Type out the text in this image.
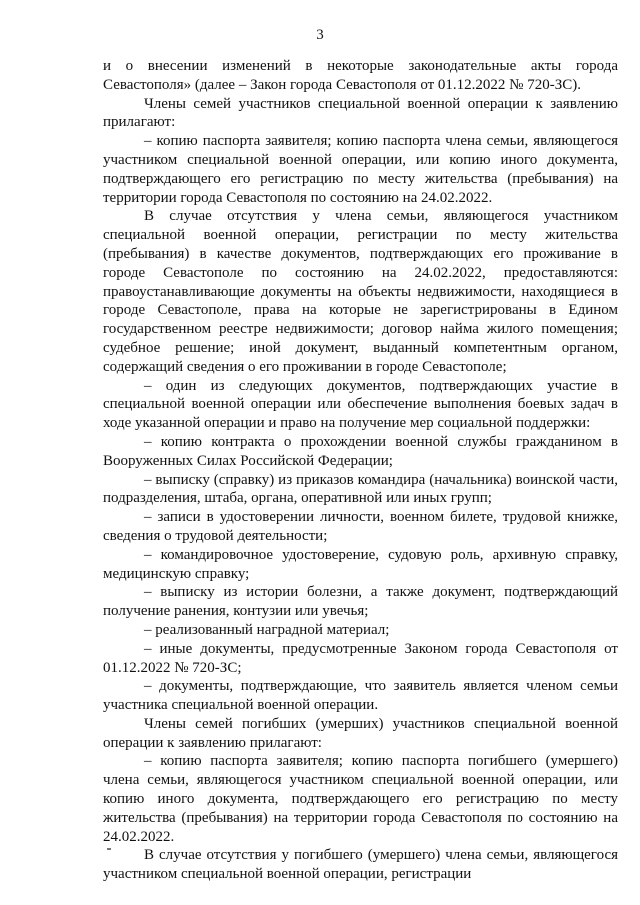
3

и о внесении изменений в некоторые законодательные акты города Севастополя» (далее – Закон города Севастополя от 01.12.2022 № 720-ЗС).

Члены семей участников специальной военной операции к заявлению прилагают:

– копию паспорта заявителя; копию паспорта члена семьи, являющегося участником специальной военной операции, или копию иного документа, подтверждающего его регистрацию по месту жительства (пребывания) на территории города Севастополя по состоянию на 24.02.2022.

В случае отсутствия у члена семьи, являющегося участником специальной военной операции, регистрации по месту жительства (пребывания) в качестве документов, подтверждающих его проживание в городе Севастополе по состоянию на 24.02.2022, предоставляются: правоустанавливающие документы на объекты недвижимости, находящиеся в городе Севастополе, права на которые не зарегистрированы в Едином государственном реестре недвижимости; договор найма жилого помещения; судебное решение; иной документ, выданный компетентным органом, содержащий сведения о его проживании в городе Севастополе;

– один из следующих документов, подтверждающих участие в специальной военной операции или обеспечение выполнения боевых задач в ходе указанной операции и право на получение мер социальной поддержки:

– копию контракта о прохождении военной службы гражданином в Вооруженных Силах Российской Федерации;

– выписку (справку) из приказов командира (начальника) воинской части, подразделения, штаба, органа, оперативной или иных групп;

– записи в удостоверении личности, военном билете, трудовой книжке, сведения о трудовой деятельности;

– командировочное удостоверение, судовую роль, архивную справку, медицинскую справку;

– выписку из истории болезни, а также документ, подтверждающий получение ранения, контузии или увечья;

– реализованный наградной материал;

– иные документы, предусмотренные Законом города Севастополя от 01.12.2022 № 720-ЗС;

– документы, подтверждающие, что заявитель является членом семьи участника специальной военной операции.

Члены семей погибших (умерших) участников специальной военной операции к заявлению прилагают:

– копию паспорта заявителя; копию паспорта погибшего (умершего) члена семьи, являющегося участником специальной военной операции, или копию иного документа, подтверждающего его регистрацию по месту жительства (пребывания) на территории города Севастополя по состоянию на 24.02.2022.

В случае отсутствия у погибшего (умершего) члена семьи, являющегося участником специальной военной операции, регистрации
